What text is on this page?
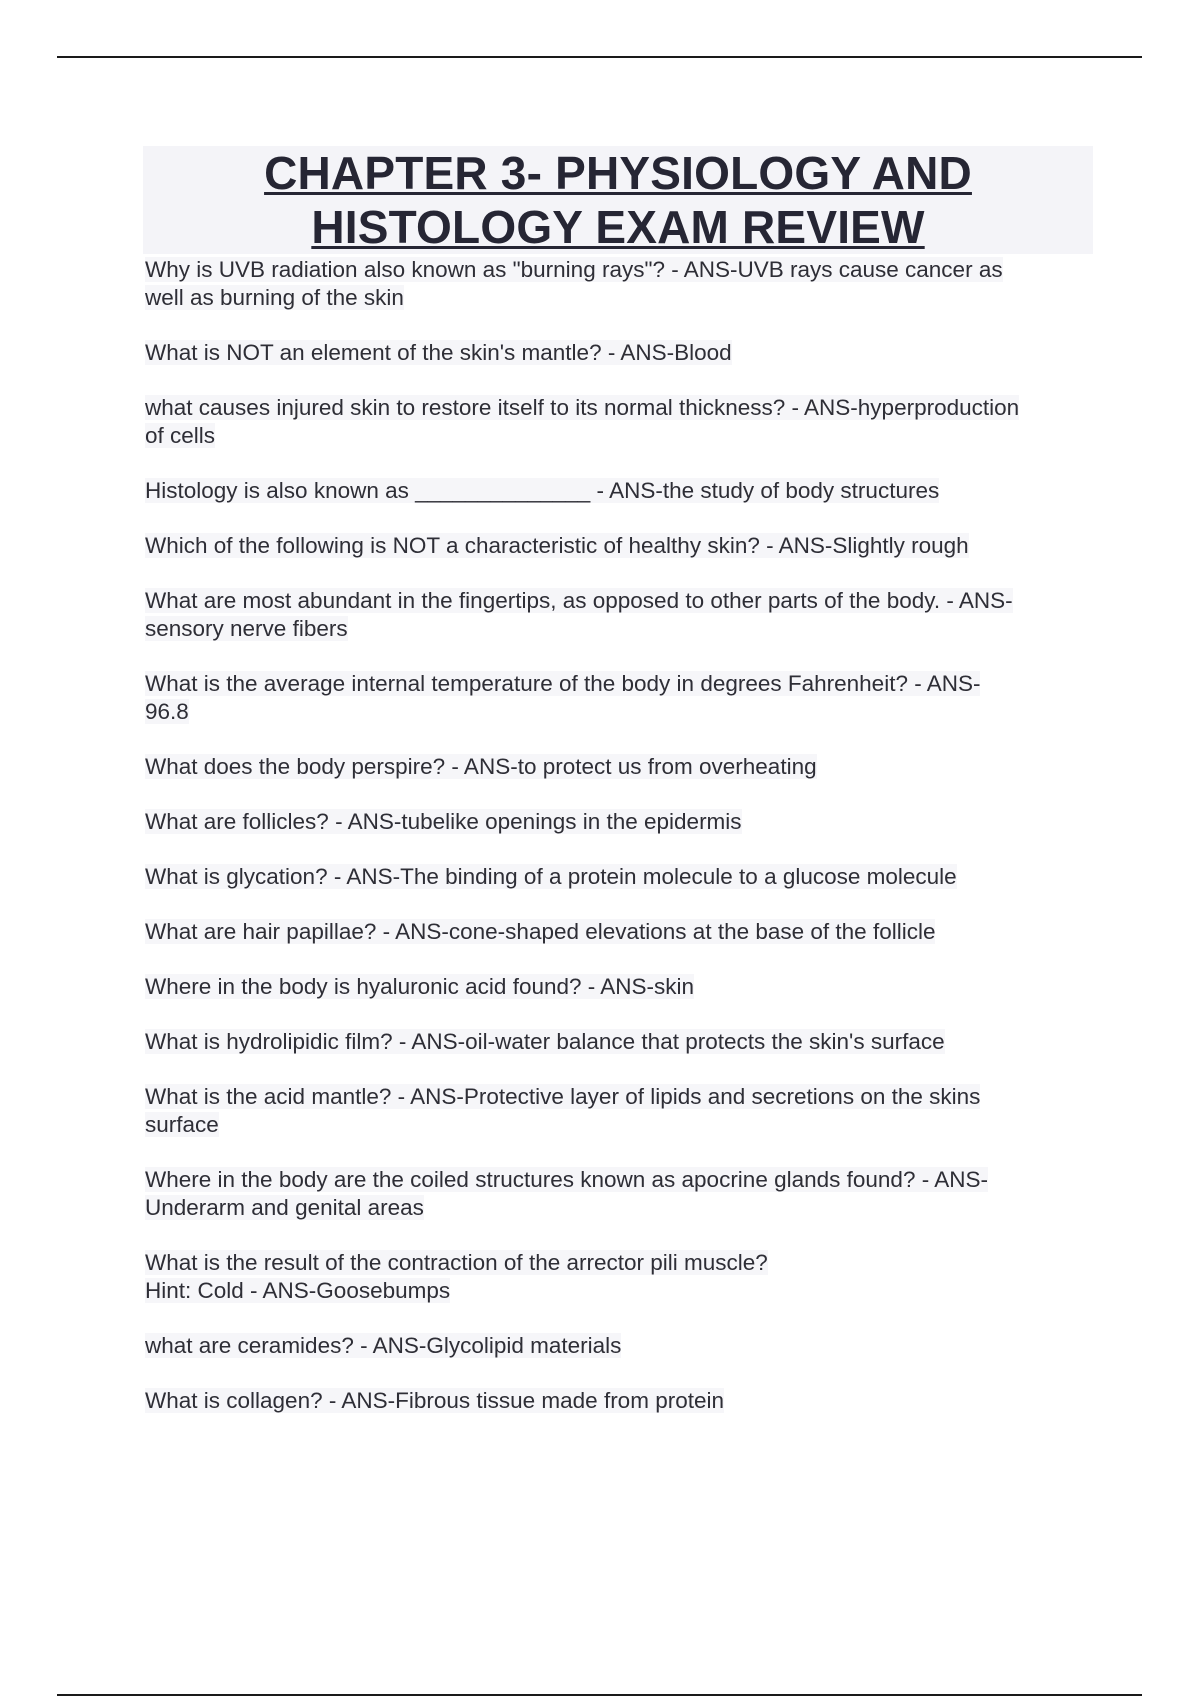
CHAPTER 3- PHYSIOLOGY AND
HISTOLOGY EXAM REVIEW
Why is UVB radiation also known as "burning rays"? - ANS-UVB rays cause cancer as
well as burning of the skin
What is NOT an element of the skin's mantle? - ANS-Blood
what causes injured skin to restore itself to its normal thickness? - ANS-hyperproduction
of cells
Histology is also known as ______________ - ANS-the study of body structures
Which of the following is NOT a characteristic of healthy skin? - ANS-Slightly rough
What are most abundant in the fingertips, as opposed to other parts of the body. - ANS-
sensory nerve fibers
What is the average internal temperature of the body in degrees Fahrenheit? - ANS-
96.8
What does the body perspire? - ANS-to protect us from overheating
What are follicles? - ANS-tubelike openings in the epidermis
What is glycation? - ANS-The binding of a protein molecule to a glucose molecule
What are hair papillae? - ANS-cone-shaped elevations at the base of the follicle
Where in the body is hyaluronic acid found? - ANS-skin
What is hydrolipidic film? - ANS-oil-water balance that protects the skin's surface
What is the acid mantle? - ANS-Protective layer of lipids and secretions on the skins
surface
Where in the body are the coiled structures known as apocrine glands found? - ANS-
Underarm and genital areas
What is the result of the contraction of the arrector pili muscle?
Hint: Cold - ANS-Goosebumps
what are ceramides? - ANS-Glycolipid materials
What is collagen? - ANS-Fibrous tissue made from protein
